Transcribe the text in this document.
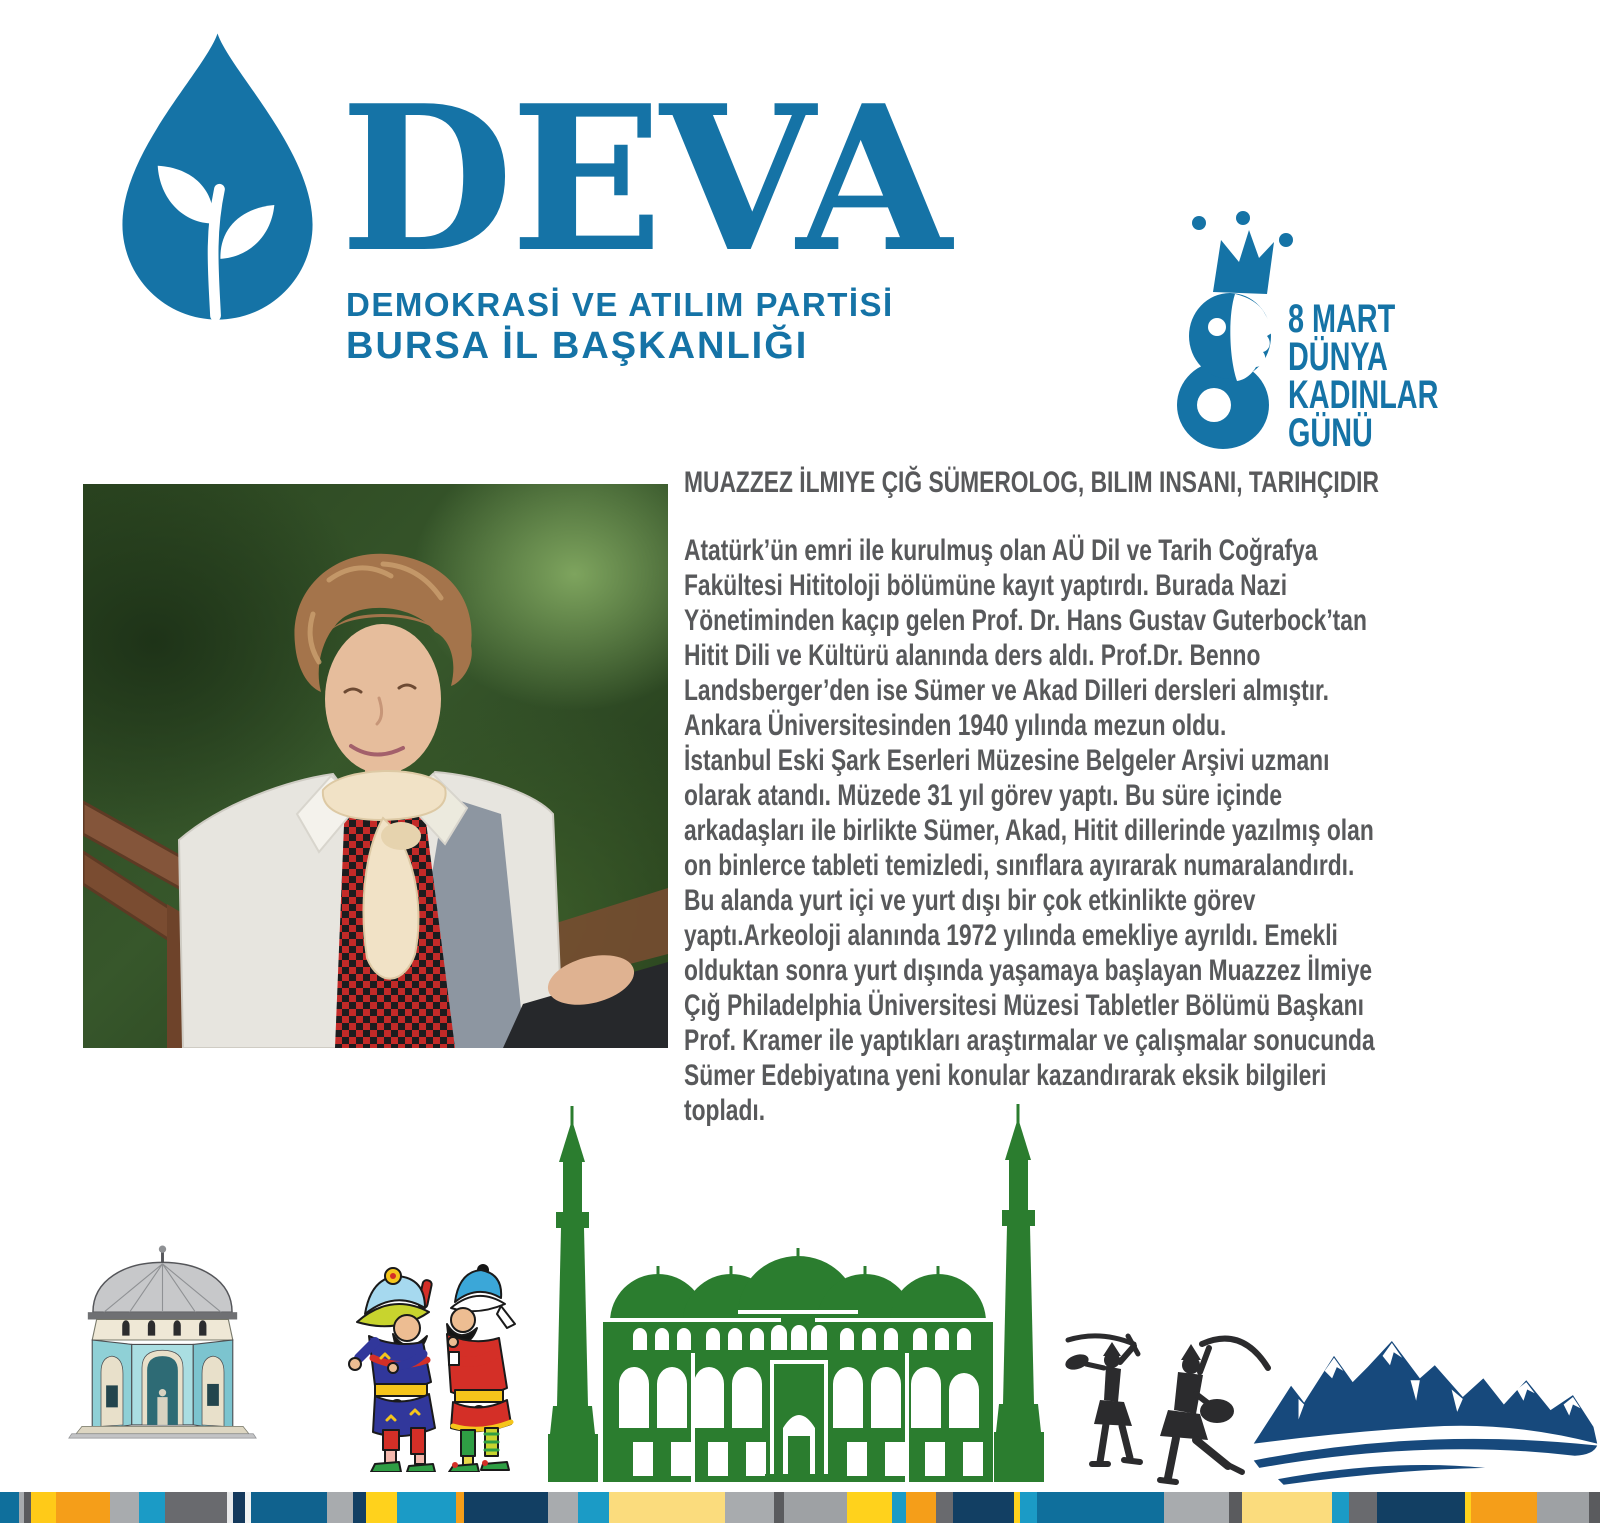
DEVA
DEMOKRASİ VE ATILIM PARTİSİ
BURSA İL BAŞKANLIĞI
8 MART
DÜNYA
KADINLAR
GÜNÜ
MUAZZEZ İLMIYE ÇIĞ SÜMEROLOG, BILIM INSANI, TARIHÇIDIR
Atatürk’ün emri ile kurulmuş olan AÜ Dil ve Tarih Coğrafya
Fakültesi Hititoloji bölümüne kayıt yaptırdı. Burada Nazi
Yönetiminden kaçıp gelen Prof. Dr. Hans Gustav Guterbock’tan
Hitit Dili ve Kültürü alanında ders aldı. Prof.Dr. Benno
Landsberger’den ise Sümer ve Akad Dilleri dersleri almıştır.
Ankara Üniversitesinden 1940 yılında mezun oldu.
İstanbul Eski Şark Eserleri Müzesine Belgeler Arşivi uzmanı
olarak atandı. Müzede 31 yıl görev yaptı. Bu süre içinde
arkadaşları ile birlikte Sümer, Akad, Hitit dillerinde yazılmış olan
on binlerce tableti temizledi, sınıflara ayırarak numaralandırdı.
Bu alanda yurt içi ve yurt dışı bir çok etkinlikte görev
yaptı.Arkeoloji alanında 1972 yılında emekliye ayrıldı. Emekli
olduktan sonra yurt dışında yaşamaya başlayan Muazzez İlmiye
Çığ Philadelphia Üniversitesi Müzesi Tabletler Bölümü Başkanı
Prof. Kramer ile yaptıkları araştırmalar ve çalışmalar sonucunda
Sümer Edebiyatına yeni konular kazandırarak eksik bilgileri
topladı.
